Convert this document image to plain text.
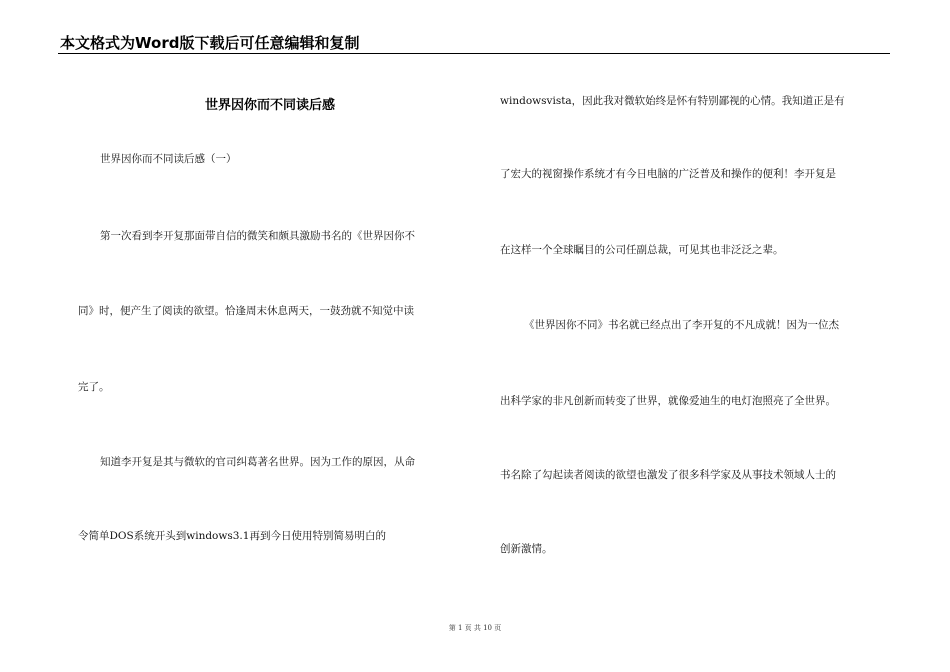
本文格式为Word版下载后可任意编辑和复制
世界因你而不同读后感
世界因你而不同读后感（一）
第一次看到李开复那面带自信的微笑和颇具激励书名的《世界因你不
同》时，便产生了阅读的欲望。恰逢周末休息两天，一鼓劲就不知觉中读
完了。
知道李开复是其与微软的官司纠葛著名世界。因为工作的原因，从命
令简单DOS系统开头到windows3.1再到今日使用特别简易明白的
windowsvista，因此我对微软始终是怀有特别鄙视的心情。我知道正是有
了宏大的视窗操作系统才有今日电脑的广泛普及和操作的便利！李开复是
在这样一个全球瞩目的公司任副总裁，可见其也非泛泛之辈。
《世界因你不同》书名就已经点出了李开复的不凡成就！因为一位杰
出科学家的非凡创新而转变了世界，就像爱迪生的电灯泡照亮了全世界。
书名除了勾起读者阅读的欲望也激发了很多科学家及从事技术领域人士的
创新激情。
第 1 页 共 10 页
